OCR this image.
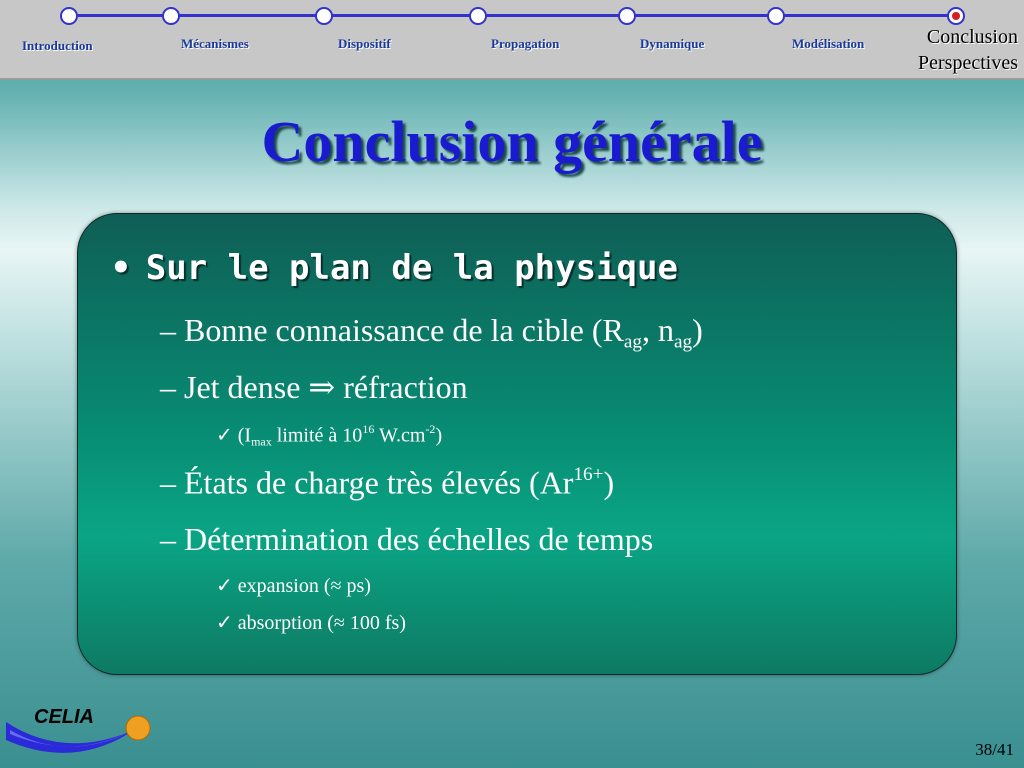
Introduction	Mécanismes	Dispositif	Propagation	Dynamique	Modélisation	Conclusion
Perspectives
Conclusion générale
• Sur le plan de la physique
– Bonne connaissance de la cible ($R_{ag}$, $n_{ag}$)
– Jet dense ⇒ réfraction
✓ ($I_{max}$ limité à $10^{16}$ $W.cm^{-2}$)
– États de charge très élevés $(Ar^{16+})$
– Détermination des échelles de temps
✓ expansion (≈ ps)
✓ absorption (≈ 100 fs)
CELIA
38/41
